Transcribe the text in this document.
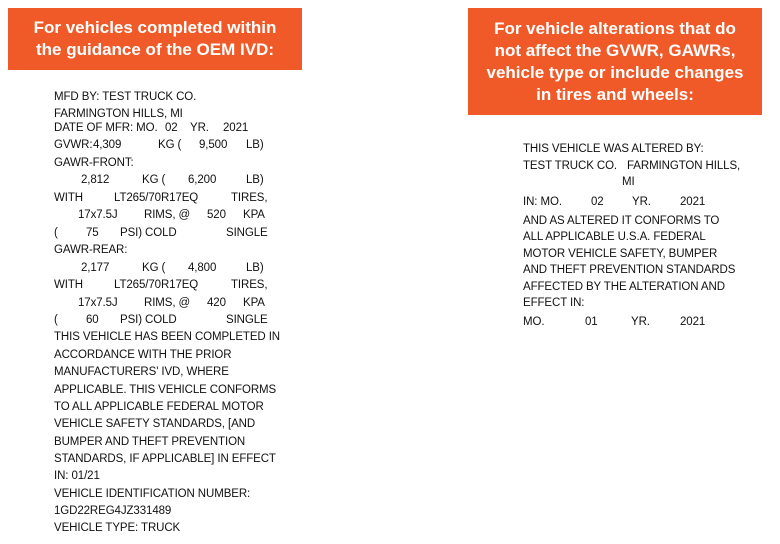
For vehicles completed within
the guidance of the OEM IVD:
For vehicle alterations that do
not affect the GVWR, GAWRs,
vehicle type or include changes
in tires and wheels:
MFD BY: TEST TRUCK CO.
FARMINGTON HILLS, MI
DATE OF MFR: MO. 02 YR. 2021
GVWR: 4,309	KG ( 9,500 LB)
GAWR-FRONT:
2,812	KG ( 6,200	LB)
WITH	LT265/70R17EQ	TIRES,
17x7.5J RIMS, @ 520 KPA
( 75 PSI) COLD	SINGLE
GAWR-REAR:
2,177	KG ( 4,800	LB)
WITH	LT265/70R17EQ	TIRES,
17x7.5J RIMS, @ 420 KPA
( 60 PSI) COLD	SINGLE
THIS VEHICLE HAS BEEN COMPLETED IN
ACCORDANCE WITH THE PRIOR
MANUFACTURERS' IVD, WHERE
APPLICABLE. THIS VEHICLE CONFORMS
TO ALL APPLICABLE FEDERAL MOTOR
VEHICLE SAFETY STANDARDS, [AND
BUMPER AND THEFT PREVENTION
STANDARDS, IF APPLICABLE] IN EFFECT
IN: 01/21
VEHICLE IDENTIFICATION NUMBER:
1GD22REG4JZ331489
VEHICLE TYPE: TRUCK
THIS VEHICLE WAS ALTERED BY:
TEST TRUCK CO. FARMINGTON HILLS,
MI
IN: MO.	02 YR.	2021
AND AS ALTERED IT CONFORMS TO
ALL APPLICABLE U.S.A. FEDERAL
MOTOR VEHICLE SAFETY, BUMPER
AND THEFT PREVENTION STANDARDS
AFFECTED BY THE ALTERATION AND
EFFECT IN:
MO.	01	YR.	2021
